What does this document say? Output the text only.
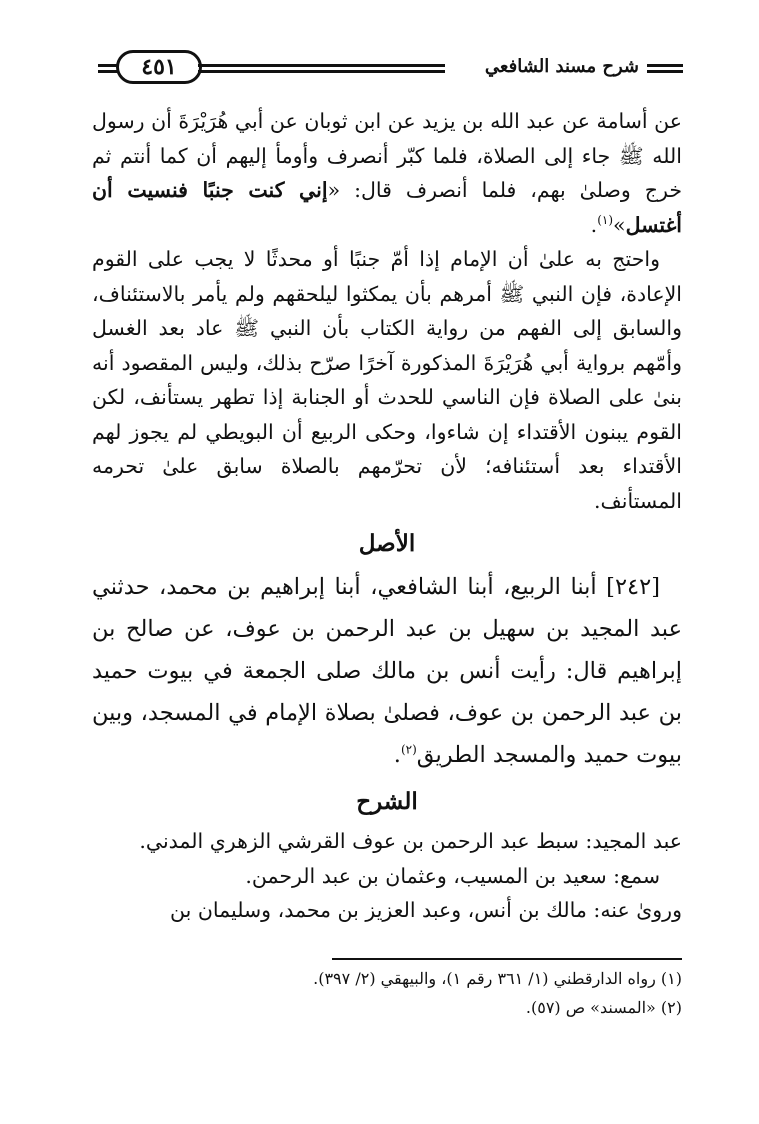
شرح مسند الشافعي
٤٥١

عن أسامة عن عبد الله بن يزيد عن ابن ثوبان عن أبي هُرَيْرَةَ أن رسول الله ﷺ جاء إلى الصلاة، فلما كبّر أنصرف وأومأ إليهم أن كما أنتم ثم خرج وصلىٰ بهم، فلما أنصرف قال: «إني كنت جنبًا فنسيت أن أغتسل»$^{(١)}$.

واحتج به علىٰ أن الإمام إذا أمّ جنبًا أو محدثًا لا يجب على القوم الإعادة، فإن النبي ﷺ أمرهم بأن يمكثوا ليلحقهم ولم يأمر بالاستئناف، والسابق إلى الفهم من رواية الكتاب بأن النبي ﷺ عاد بعد الغسل وأمّهم برواية أبي هُرَيْرَةَ المذكورة آخرًا صرّح بذلك، وليس المقصود أنه بنىٰ على الصلاة فإن الناسي للحدث أو الجنابة إذا تطهر يستأنف، لكن القوم يبنون الأقتداء إن شاءوا، وحكى الربيع أن البويطي لم يجوز لهم الأقتداء بعد أستئنافه؛ لأن تحرّمهم بالصلاة سابق علىٰ تحرمه المستأنف.

الأصل

[٢٤٢] أبنا الربيع، أبنا الشافعي، أبنا إبراهيم بن محمد، حدثني عبد المجيد بن سهيل بن عبد الرحمن بن عوف، عن صالح بن إبراهيم قال: رأيت أنس بن مالك صلى الجمعة في بيوت حميد بن عبد الرحمن بن عوف، فصلىٰ بصلاة الإمام في المسجد، وبين بيوت حميد والمسجد الطريق$^{(٢)}$.

الشرح

عبد المجيد: سبط عبد الرحمن بن عوف القرشي الزهري المدني.

سمع: سعيد بن المسيب، وعثمان بن عبد الرحمن.

وروىٰ عنه: مالك بن أنس، وعبد العزيز بن محمد، وسليمان بن

(١) رواه الدارقطني (١/ ٣٦١ رقم ١)، والبيهقي (٢/ ٣٩٧).

(٢) «المسند» ص (٥٧).
